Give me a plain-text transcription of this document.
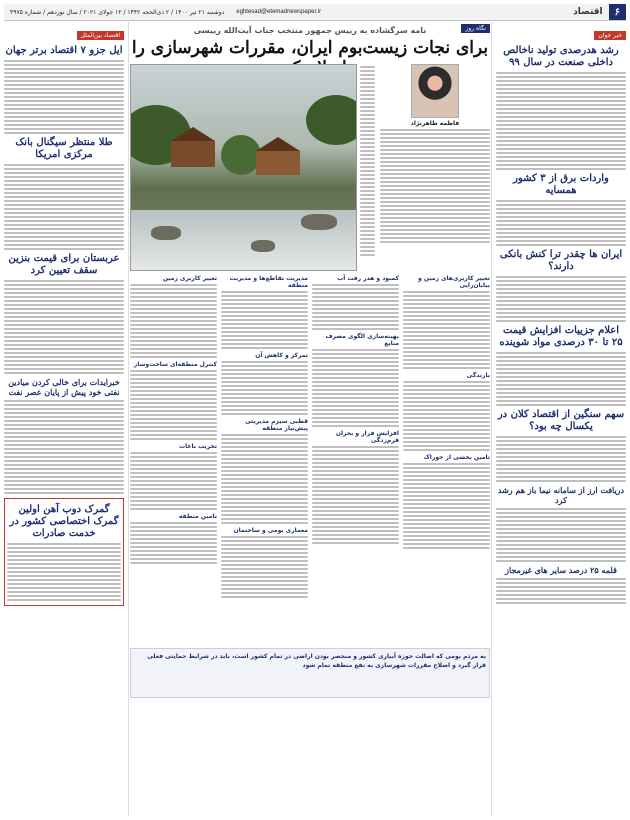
۶
اقتصاد
eghtesad@etemadnewspaper.ir
دوشنبه ۲۱ تیر ۱۴۰۰ / ۲ ذی‌الحجه ۱۴۴۲ / ۱۲ جولای ۲۰۲۱ / سال نوزدهم / شماره ۴۹۷۵
خبر خوان
رشد هدرصدی تولید ناخالص داخلی صنعت در سال ۹۹
واردات برق از ۳ کشور همسایه
ایران ها چقدر ترا کنش بانکی دارند؟
اعلام جزییات افزایش قیمت ۲۵ تا ۳۰ درصدی مواد شوینده
سهم سنگین از اقتصاد کلان در یکسال چه بود؟
دریافت ارز از سامانه نیما باز هم رشد کرد
قلمه ۲۵ درصد سایر های غیرمجاز
نگاه روز
نامه سرگشاده به رییس جمهور منتخب جناب آیت‌الله رییسی
برای نجات زیست‌بوم ایران، مقررات شهرسازی را
فاطمه طاهرنژاد
تغییر کاربری‌های زمین و بیابان‌زایی
بارندگی
تامین بخشی از خوراک
کمبود و هدر رفت آب
بهینه‌سازی الگوی مصرف منابع
افزایش فرار و بحران فرم‌زدگی
مدیریت تقاطع‌ها و مدیریت منطقه
تمرکز و کاهش آن
قطبی سیزم مدیریتی پیش‌نیاز منطقه
معماری بومی و ساختمان
تغییر کاربری زمین
کنترل منطقه‌ای ساخت‌وساز
تخریب باغات
تامین منطقه
به مردم بومی که اصالت حوزه آبیاری کشور و منحصر بودن اراضی در تمام کشور است، باید در شرایط حمایتی فعلی قرار گیرد و اصلاح مقررات شهرسازی به نفع منطقه تمام شود
اقتصاد بین‌الملل
ایل جزو ۷ اقتصاد برتر جهان
طلا منتظر سیگنال بانک مرکزی امریکا
عربستان برای قیمت بنزین سقف تعیین کرد
خبرایدات برای خالی کردن میادین نفتی خود پیش از پایان عصر نفت
گمرک دوب آهن اولین گمرک اختصاصی کشور در خدمت صادرات
